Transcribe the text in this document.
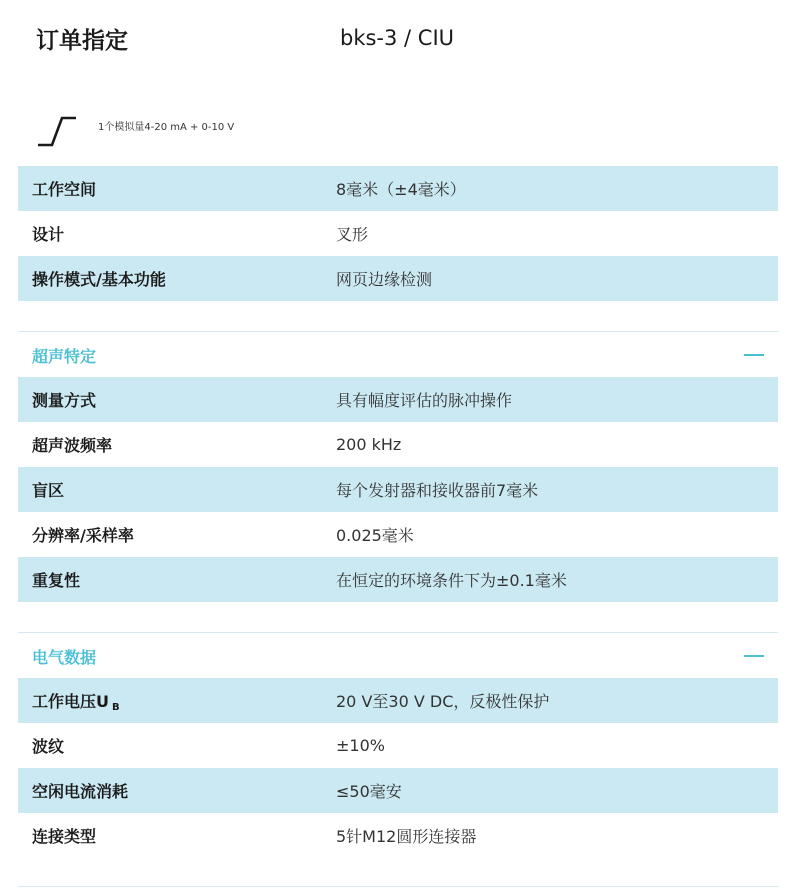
订单指定	bks-3 / CIU
1个模拟量4-20 mA + 0-10 V
工作空间	8毫米（±4毫米）
设计	叉形
操作模式/基本功能	网页边缘检测
超声特定
测量方式	具有幅度评估的脉冲操作
超声波频率	200 kHz
盲区	每个发射器和接收器前7毫米
分辨率/采样率	0.025毫米
重复性	在恒定的环境条件下为±0.1毫米
电气数据
工作电压U $_B$	20 V至30 V DC，反极性保护
波纹	±10%
空闲电流消耗	≤50毫安
连接类型	5针M12圆形连接器
